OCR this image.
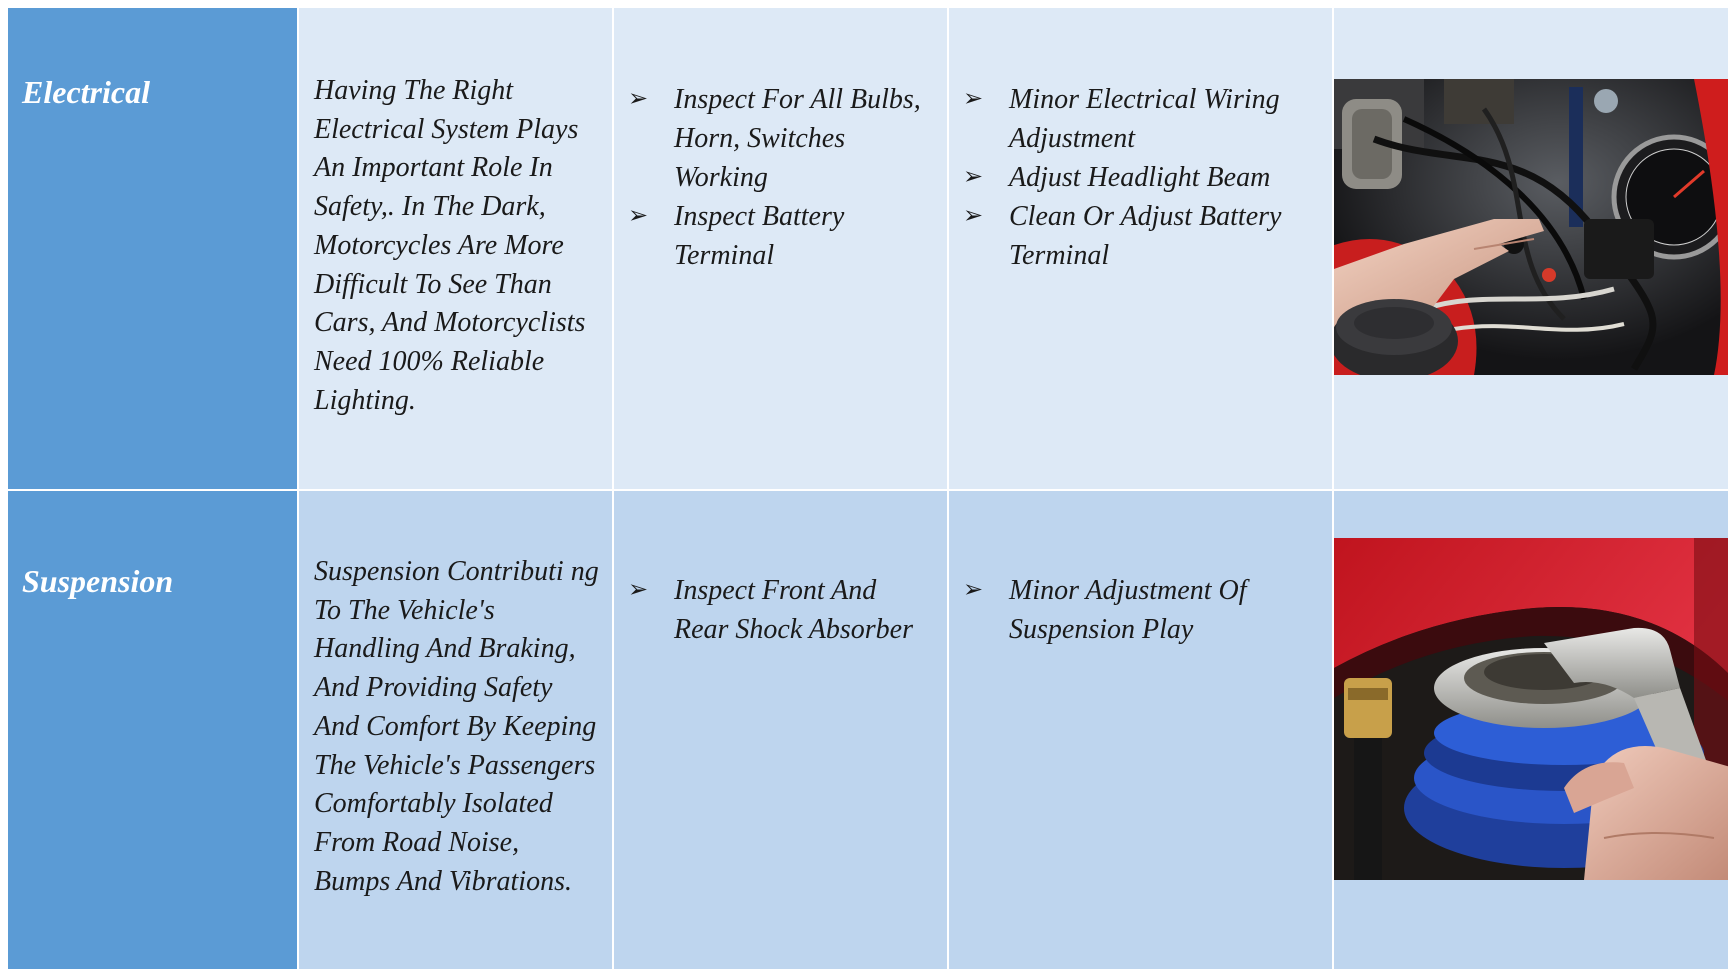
Electrical	Having The Right Electrical System Plays An Important Role In Safety,. In The Dark, Motorcycles Are More Difficult To See Than Cars, And Motorcyclists Need 100% Reliable Lighting.
➢ Inspect For All Bulbs, Horn, Switches Working
➢ Inspect Battery Terminal
➢ Minor Electrical Wiring Adjustment
➢ Adjust Headlight Beam
➢ Clean Or Adjust Battery Terminal
Suspension	Suspension Contributi ng To The Vehicle's Handling And Braking, And Providing Safety And Comfort By Keeping The Vehicle's Passengers Comfortably Isolated From Road Noise, Bumps And Vibrations.
➢ Inspect Front And Rear Shock Absorber
➢ Minor Adjustment Of Suspension Play
